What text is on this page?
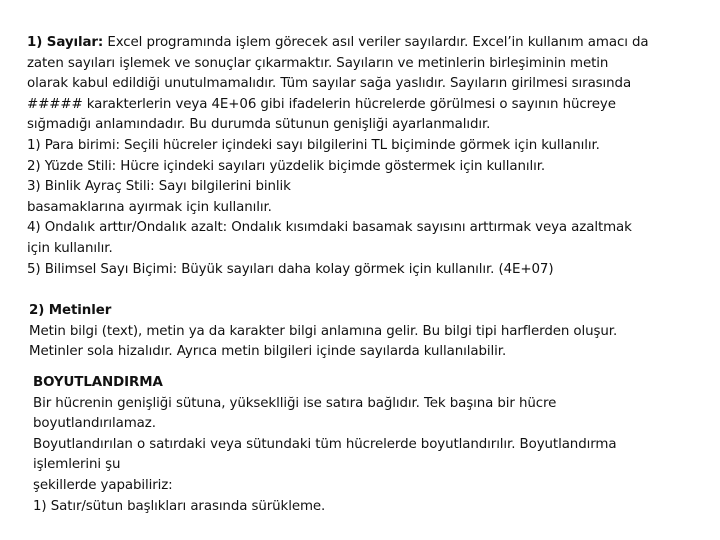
1) Sayılar: Excel programında işlem görecek asıl veriler sayılardır. Excel’in kullanım amacı da
zaten sayıları işlemek ve sonuçlar çıkarmaktır. Sayıların ve metinlerin birleşiminin metin
olarak kabul edildiği unutulmamalıdır. Tüm sayılar sağa yaslıdır. Sayıların girilmesi sırasında
##### karakterlerin veya 4E+06 gibi ifadelerin hücrelerde görülmesi o sayının hücreye
sığmadığı anlamındadır. Bu durumda sütunun genişliği ayarlanmalıdır.
1) Para birimi: Seçili hücreler içindeki sayı bilgilerini TL biçiminde görmek için kullanılır.
2) Yüzde Stili: Hücre içindeki sayıları yüzdelik biçimde göstermek için kullanılır.
3) Binlik Ayraç Stili: Sayı bilgilerini binlik
basamaklarına ayırmak için kullanılır.
4) Ondalık arttır/Ondalık azalt: Ondalık kısımdaki basamak sayısını arttırmak veya azaltmak
için kullanılır.
5) Bilimsel Sayı Biçimi: Büyük sayıları daha kolay görmek için kullanılır. (4E+07)
2) Metinler
Metin bilgi (text), metin ya da karakter bilgi anlamına gelir. Bu bilgi tipi harflerden oluşur.
Metinler sola hizalıdır. Ayrıca metin bilgileri içinde sayılarda kullanılabilir.
BOYUTLANDIRMA
Bir hücrenin genişliği sütuna, yükseklliği ise satıra bağlıdır. Tek başına bir hücre
boyutlandırılamaz.
Boyutlandırılan o satırdaki veya sütundaki tüm hücrelerde boyutlandırılır. Boyutlandırma
işlemlerini şu
şekillerde yapabiliriz:
1) Satır/sütun başlıkları arasında sürükleme.
